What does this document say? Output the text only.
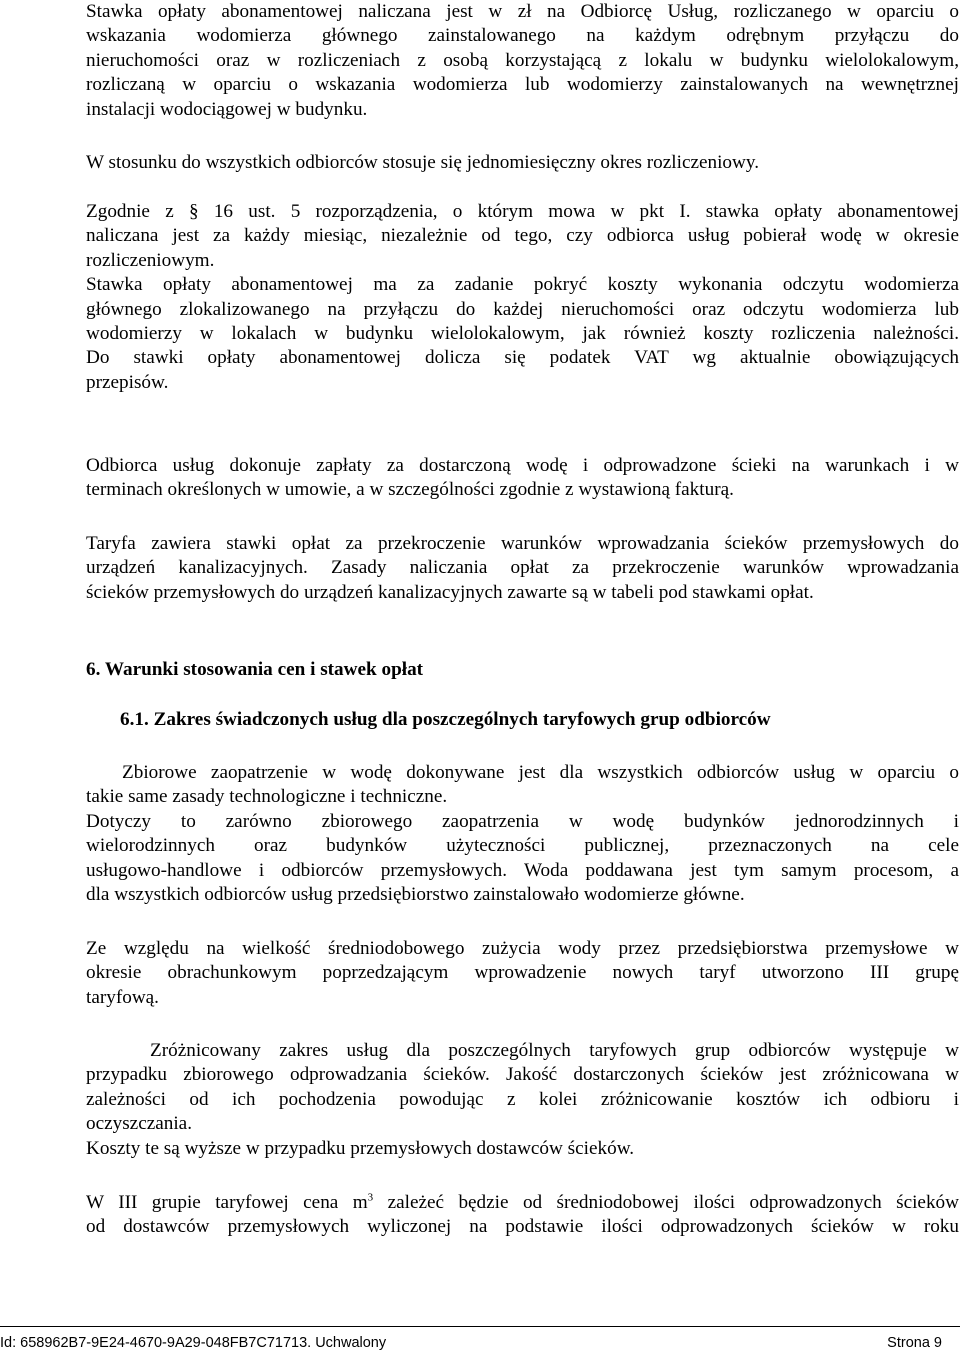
Stawka opłaty abonamentowej naliczana jest w zł na Odbiorcę Usług, rozliczanego w oparciu o
wskazania wodomierza głównego zainstalowanego na każdym odrębnym przyłączu do
nieruchomości oraz w rozliczeniach z osobą korzystającą z lokalu w budynku wielolokalowym,
rozliczaną w oparciu o wskazania wodomierza lub wodomierzy zainstalowanych na wewnętrznej
instalacji wodociągowej w budynku.
W stosunku do wszystkich odbiorców stosuje się jednomiesięczny okres rozliczeniowy.
Zgodnie z § 16 ust. 5 rozporządzenia, o którym mowa w pkt I. stawka opłaty abonamentowej
naliczana jest za każdy miesiąc, niezależnie od tego, czy odbiorca usług pobierał wodę w okresie
rozliczeniowym.
Stawka opłaty abonamentowej ma za zadanie pokryć koszty wykonania odczytu wodomierza
głównego zlokalizowanego na przyłączu do każdej nieruchomości oraz odczytu wodomierza lub
wodomierzy w lokalach w budynku wielolokalowym, jak również koszty rozliczenia należności.
Do stawki opłaty abonamentowej dolicza się podatek VAT wg aktualnie obowiązujących
przepisów.
Odbiorca usług dokonuje zapłaty za dostarczoną wodę i odprowadzone ścieki na warunkach i w
terminach określonych w umowie, a w szczególności zgodnie z wystawioną fakturą.
Taryfa zawiera stawki opłat za przekroczenie warunków wprowadzania ścieków przemysłowych do
urządzeń kanalizacyjnych. Zasady naliczania opłat za przekroczenie warunków wprowadzania
ścieków przemysłowych do urządzeń kanalizacyjnych zawarte są w tabeli pod stawkami opłat.
6. Warunki stosowania cen i stawek opłat
6.1. Zakres świadczonych usług dla poszczególnych taryfowych grup odbiorców
Zbiorowe zaopatrzenie w wodę dokonywane jest dla wszystkich odbiorców usług w oparciu o
takie same zasady technologiczne i techniczne.
Dotyczy to zarówno zbiorowego zaopatrzenia w wodę budynków jednorodzinnych i
wielorodzinnych oraz budynków użyteczności publicznej, przeznaczonych na cele
usługowo-handlowe i odbiorców przemysłowych. Woda poddawana jest tym samym procesom, a
dla wszystkich odbiorców usług przedsiębiorstwo zainstalowało wodomierze główne.
Ze względu na wielkość średniodobowego zużycia wody przez przedsiębiorstwa przemysłowe w
okresie obrachunkowym poprzedzającym wprowadzenie nowych taryf utworzono III grupę
taryfową.
Zróżnicowany zakres usług dla poszczególnych taryfowych grup odbiorców występuje w
przypadku zbiorowego odprowadzania ścieków. Jakość dostarczonych ścieków jest zróżnicowana w
zależności od ich pochodzenia powodując z kolei zróżnicowanie kosztów ich odbioru i
oczyszczania.
Koszty te są wyższe w przypadku przemysłowych dostawców ścieków.
W III grupie taryfowej cena $m^3$ zależeć będzie od średniodobowej ilości odprowadzonych ścieków
od dostawców przemysłowych wyliczonej na podstawie ilości odprowadzonych ścieków w roku
Id: 658962B7-9E24-4670-9A29-048FB7C71713. Uchwalony	Strona 9
